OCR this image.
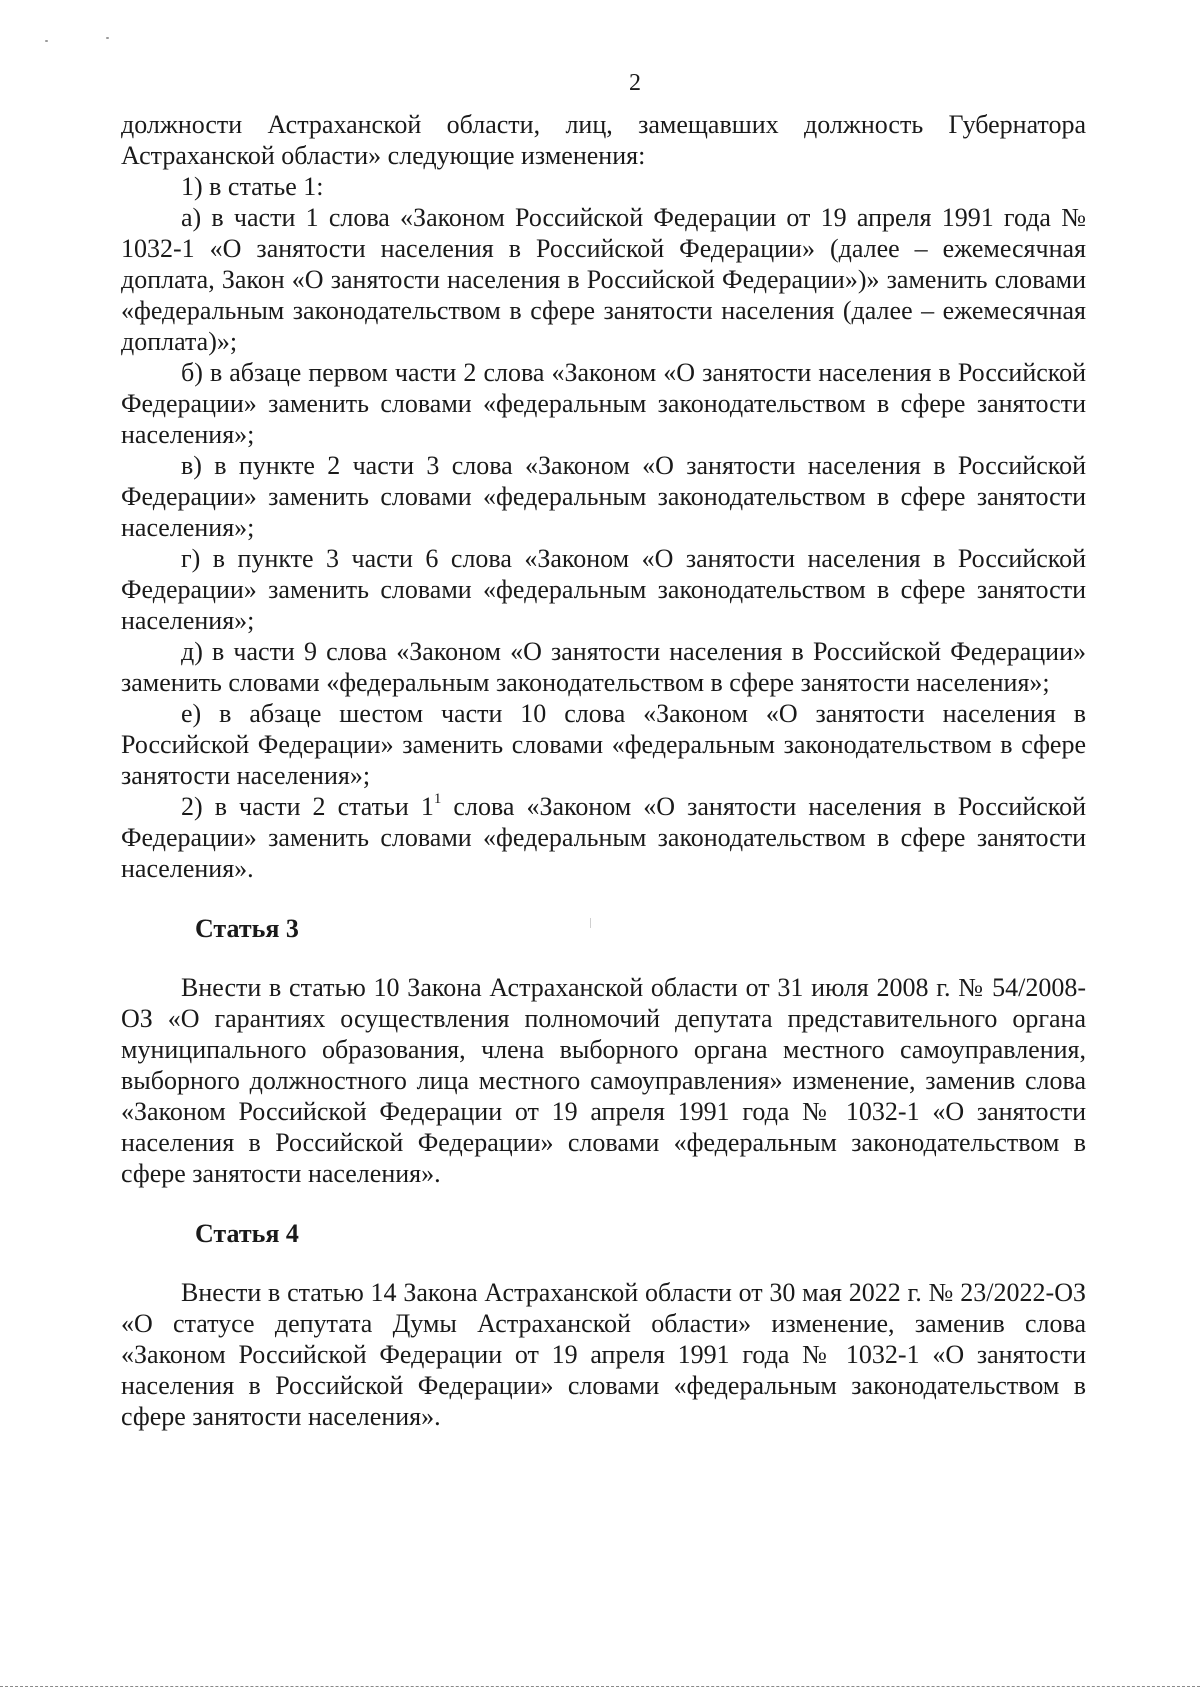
2

должности Астраханской области, лиц, замещавших должность Губернатора Астраханской области» следующие изменения:

1) в статье 1:

а) в части 1 слова «Законом Российской Федерации от 19 апреля 1991 года № 1032-1 «О занятости населения в Российской Федерации» (далее – ежемесячная доплата, Закон «О занятости населения в Российской Федерации»)» заменить словами «федеральным законодательством в сфере занятости населения (далее – ежемесячная доплата)»;

б) в абзаце первом части 2 слова «Законом «О занятости населения в Российской Федерации» заменить словами «федеральным законодательством в сфере занятости населения»;

в) в пункте 2 части 3 слова «Законом «О занятости населения в Российской Федерации» заменить словами «федеральным законодательством в сфере занятости населения»;

г) в пункте 3 части 6 слова «Законом «О занятости населения в Российской Федерации» заменить словами «федеральным законодательством в сфере занятости населения»;

д) в части 9 слова «Законом «О занятости населения в Российской Федерации» заменить словами «федеральным законодательством в сфере занятости населения»;

е) в абзаце шестом части 10 слова «Законом «О занятости населения в Российской Федерации» заменить словами «федеральным законодательством в сфере занятости населения»;

2) в части 2 статьи $1^1$ слова «Законом «О занятости населения в Российской Федерации» заменить словами «федеральным законодательством в сфере занятости населения».

Статья 3

Внести в статью 10 Закона Астраханской области от 31 июля 2008 г. № 54/2008-ОЗ «О гарантиях осуществления полномочий депутата представительного органа муниципального образования, члена выборного органа местного самоуправления, выборного должностного лица местного самоуправления» изменение, заменив слова «Законом Российской Федерации от 19 апреля 1991 года № 1032-1 «О занятости населения в Российской Федерации» словами «федеральным законодательством в сфере занятости населения».

Статья 4

Внести в статью 14 Закона Астраханской области от 30 мая 2022 г. № 23/2022-ОЗ «О статусе депутата Думы Астраханской области» изменение, заменив слова «Законом Российской Федерации от 19 апреля 1991 года № 1032-1 «О занятости населения в Российской Федерации» словами «федеральным законодательством в сфере занятости населения».
